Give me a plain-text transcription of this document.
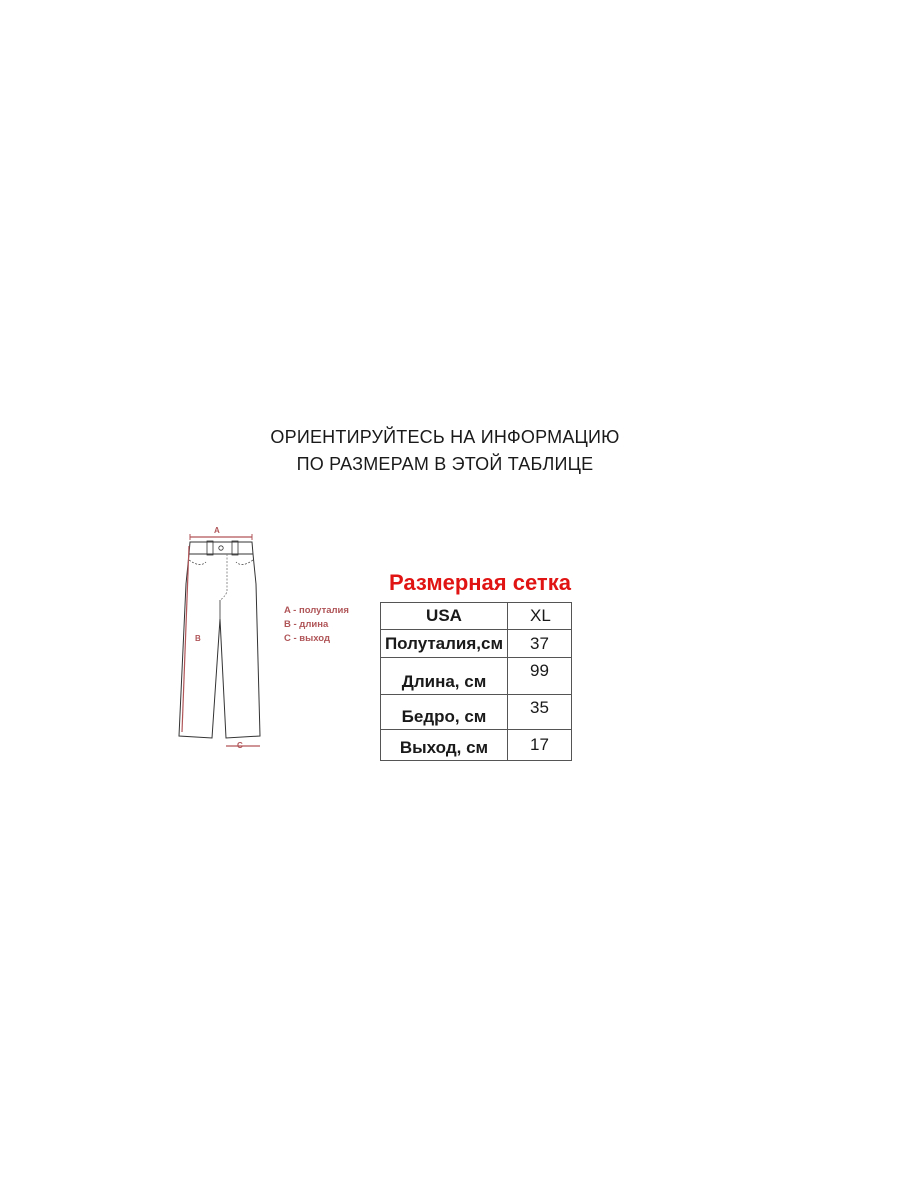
ОРИЕНТИРУЙТЕСЬ НА ИНФОРМАЦИЮ
ПО РАЗМЕРАМ В ЭТОЙ ТАБЛИЦЕ
A
B
C
A - полуталия
B - длина
C - выход
Размерная сетка
USA	XL
Полуталия,см	37
Длина, см	99
Бедро, см	35
Выход, см	17
